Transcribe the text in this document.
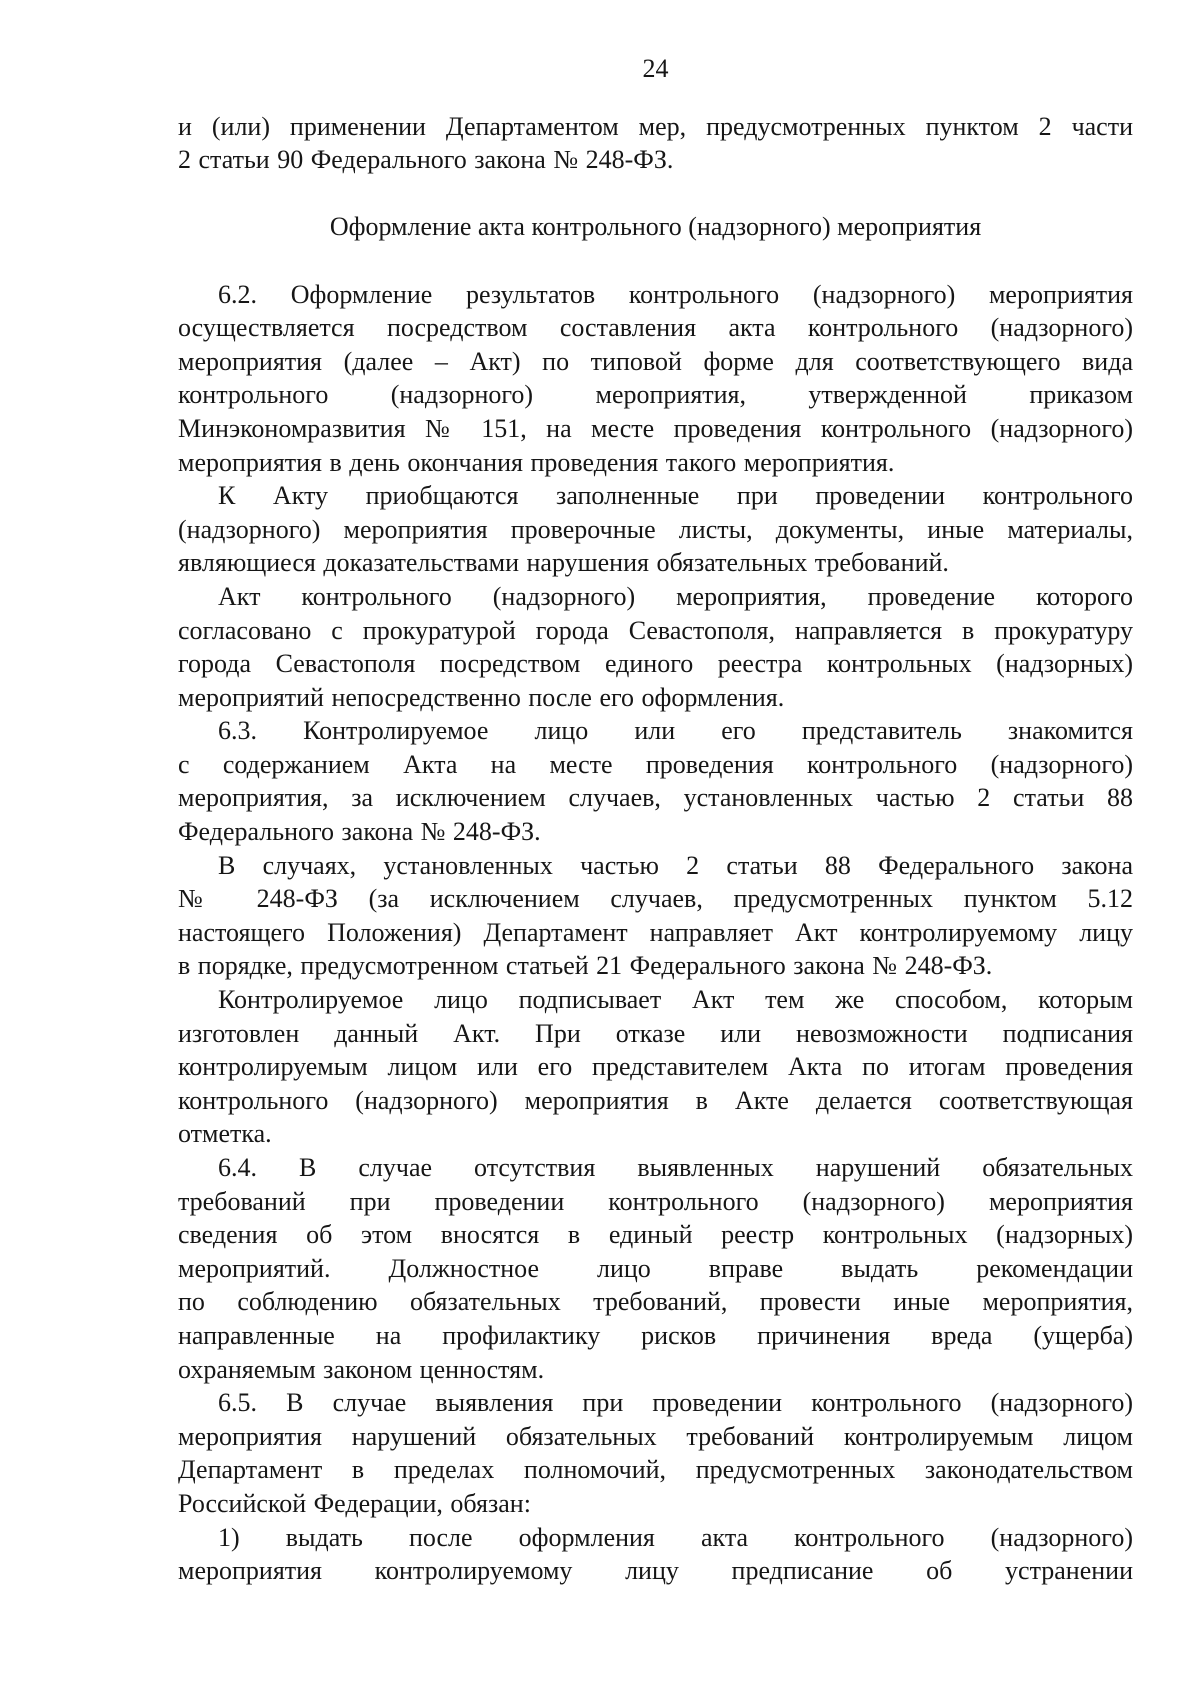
24
и (или) применении Департаментом мер, предусмотренных пунктом 2 части
2 статьи 90 Федерального закона № 248-ФЗ.
Оформление акта контрольного (надзорного) мероприятия
6.2. Оформление результатов контрольного (надзорного) мероприятия
осуществляется посредством составления акта контрольного (надзорного)
мероприятия (далее – Акт) по типовой форме для соответствующего вида
контрольного (надзорного) мероприятия, утвержденной приказом
Минэкономразвития № 151, на месте проведения контрольного (надзорного)
мероприятия в день окончания проведения такого мероприятия.
К Акту приобщаются заполненные при проведении контрольного
(надзорного) мероприятия проверочные листы, документы, иные материалы,
являющиеся доказательствами нарушения обязательных требований.
Акт контрольного (надзорного) мероприятия, проведение которого
согласовано с прокуратурой города Севастополя, направляется в прокуратуру
города Севастополя посредством единого реестра контрольных (надзорных)
мероприятий непосредственно после его оформления.
6.3. Контролируемое лицо или его представитель знакомится
с содержанием Акта на месте проведения контрольного (надзорного)
мероприятия, за исключением случаев, установленных частью 2 статьи 88
Федерального закона № 248-ФЗ.
В случаях, установленных частью 2 статьи 88 Федерального закона
№ 248-ФЗ (за исключением случаев, предусмотренных пунктом 5.12
настоящего Положения) Департамент направляет Акт контролируемому лицу
в порядке, предусмотренном статьей 21 Федерального закона № 248-ФЗ.
Контролируемое лицо подписывает Акт тем же способом, которым
изготовлен данный Акт. При отказе или невозможности подписания
контролируемым лицом или его представителем Акта по итогам проведения
контрольного (надзорного) мероприятия в Акте делается соответствующая
отметка.
6.4. В случае отсутствия выявленных нарушений обязательных
требований при проведении контрольного (надзорного) мероприятия
сведения об этом вносятся в единый реестр контрольных (надзорных)
мероприятий. Должностное лицо вправе выдать рекомендации
по соблюдению обязательных требований, провести иные мероприятия,
направленные на профилактику рисков причинения вреда (ущерба)
охраняемым законом ценностям.
6.5. В случае выявления при проведении контрольного (надзорного)
мероприятия нарушений обязательных требований контролируемым лицом
Департамент в пределах полномочий, предусмотренных законодательством
Российской Федерации, обязан:
1) выдать после оформления акта контрольного (надзорного)
мероприятия контролируемому лицу предписание об устранении
